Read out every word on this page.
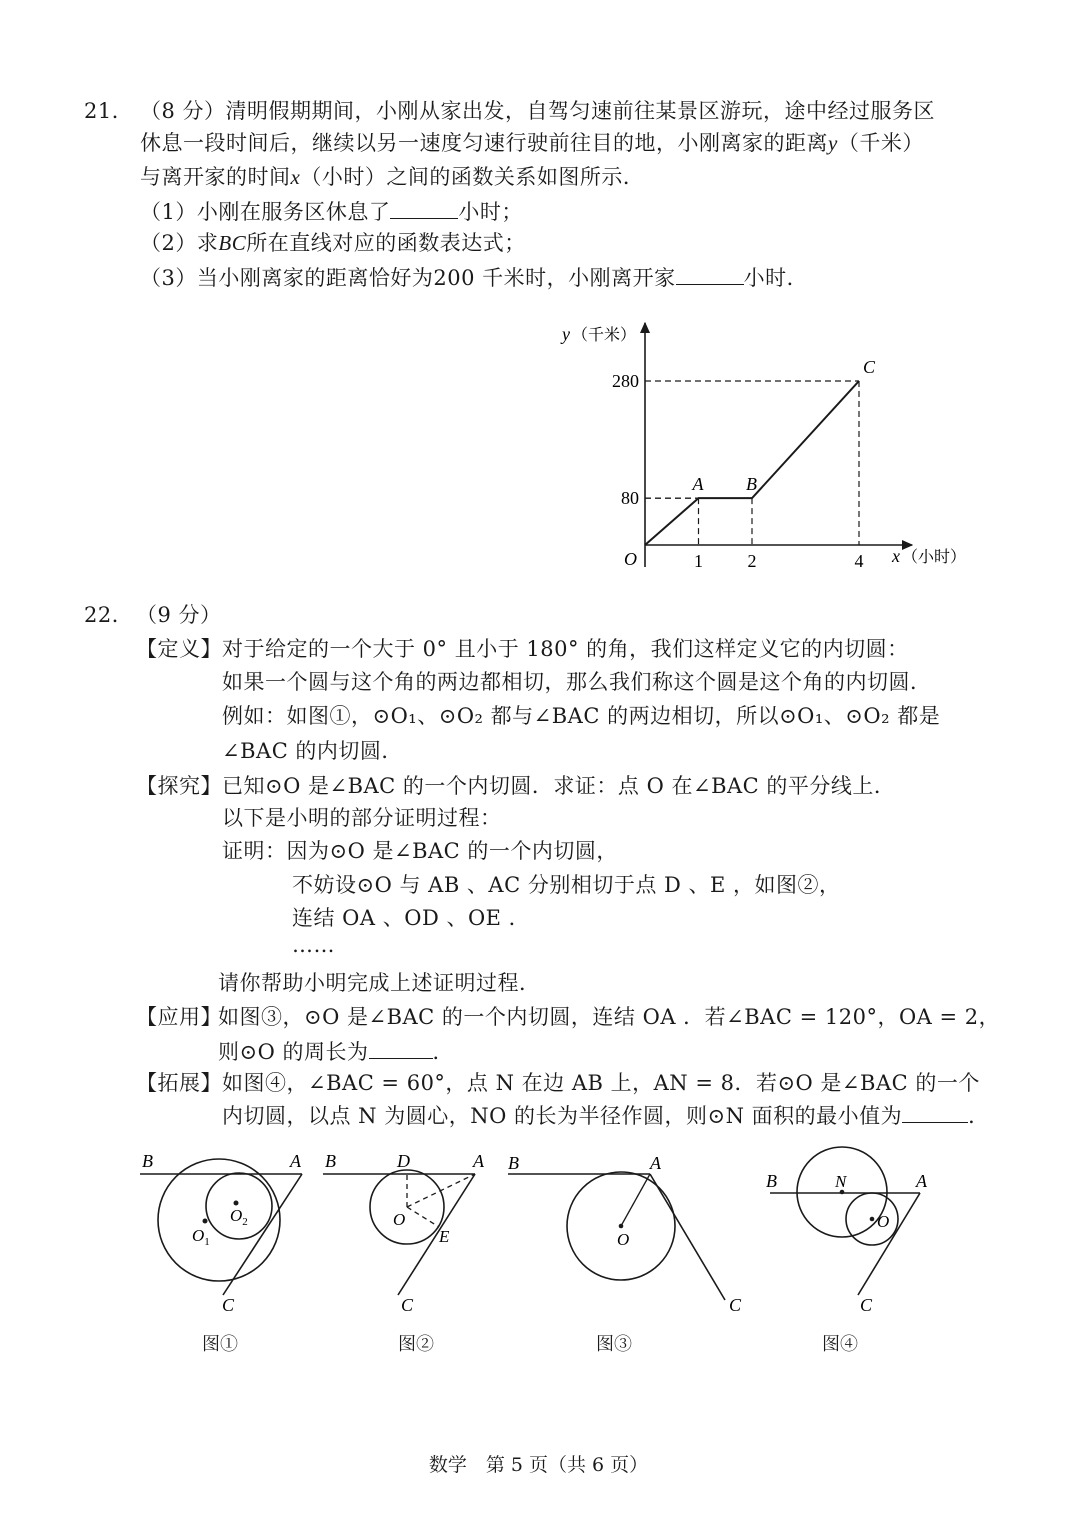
21． （8 分）清明假期期间，小刚从家出发，自驾匀速前往某景区游玩，途中经过服务区
休息一段时间后，继续以另一速度匀速行驶前往目的地，小刚离家的距离y（千米）
与离开家的时间x（小时）之间的函数关系如图所示．
（1）小刚在服务区休息了	小时；
（2）求BC所在直线对应的函数表达式；
（3）当小刚离家的距离恰好为200 千米时，小刚离开家	小时．
A B
C
1 2	4
80
280
y （千米）
x （小时）
O
22． （9 分）
【定义】 对于给定的一个大于 0° 且小于 180° 的角，我们这样定义它的内切圆：
如果一个圆与这个角的两边都相切，那么我们称这个圆是这个角的内切圆．
例如：如图①，⊙O₁、⊙O₂ 都与∠BAC 的两边相切，所以⊙O₁、⊙O₂ 都是
∠BAC 的内切圆．
【探究】 已知⊙O 是∠BAC 的一个内切圆．求证：点 O 在∠BAC 的平分线上．
以下是小明的部分证明过程：
证明：因为⊙O 是∠BAC 的一个内切圆，
不妨设⊙O 与 AB 、AC 分别相切于点 D 、E ，如图②，
连结 OA 、OD 、OE ．
……
请你帮助小明完成上述证明过程．
【应用】
如图③，⊙O 是∠BAC 的一个内切圆，连结 OA ．若∠BAC = 120°，OA = 2，
则⊙O 的周长为	．
【拓展】 如图④，∠BAC = 60°，点 N 在边 AB 上，AN = 8．若⊙O 是∠BAC 的一个
内切圆，以点 N 为圆心，NO 的长为半径作圆，则⊙N 面积的最小值为	．
B	A
C
$O_1$
$O_2$
图①
B	D	A
O
E
C
图②
B	A
O
C
图③
B	N	A
O
C
图④
数学　第 5 页（共 6 页）
